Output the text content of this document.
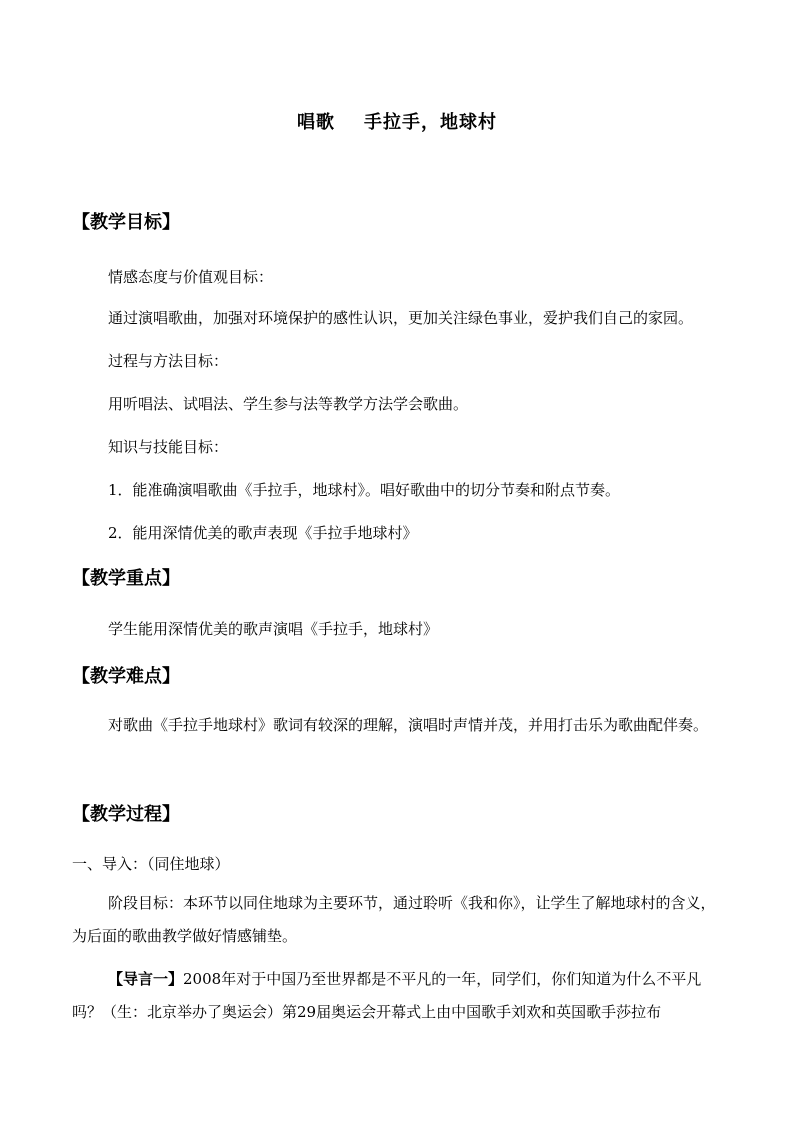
唱歌    手拉手，地球村
【教学目标】
情感态度与价值观目标：
通过演唱歌曲，加强对环境保护的感性认识，更加关注绿色事业，爱护我们自己的家园。
过程与方法目标：
用听唱法、试唱法、学生参与法等教学方法学会歌曲。
知识与技能目标：
1．能准确演唱歌曲《手拉手，地球村》。唱好歌曲中的切分节奏和附点节奏。
2．能用深情优美的歌声表现《手拉手地球村》
【教学重点】
学生能用深情优美的歌声演唱《手拉手，地球村》
【教学难点】
对歌曲《手拉手地球村》歌词有较深的理解，演唱时声情并茂，并用打击乐为歌曲配伴奏。
【教学过程】
一、导入：（同住地球）
阶段目标：本环节以同住地球为主要环节，通过聆听《我和你》，让学生了解地球村的含义，为后面的歌曲教学做好情感铺垫。
【导言一】2008年对于中国乃至世界都是不平凡的一年，同学们，你们知道为什么不平凡吗？（生：北京举办了奥运会）第29届奥运会开幕式上由中国歌手刘欢和英国歌手莎拉布
